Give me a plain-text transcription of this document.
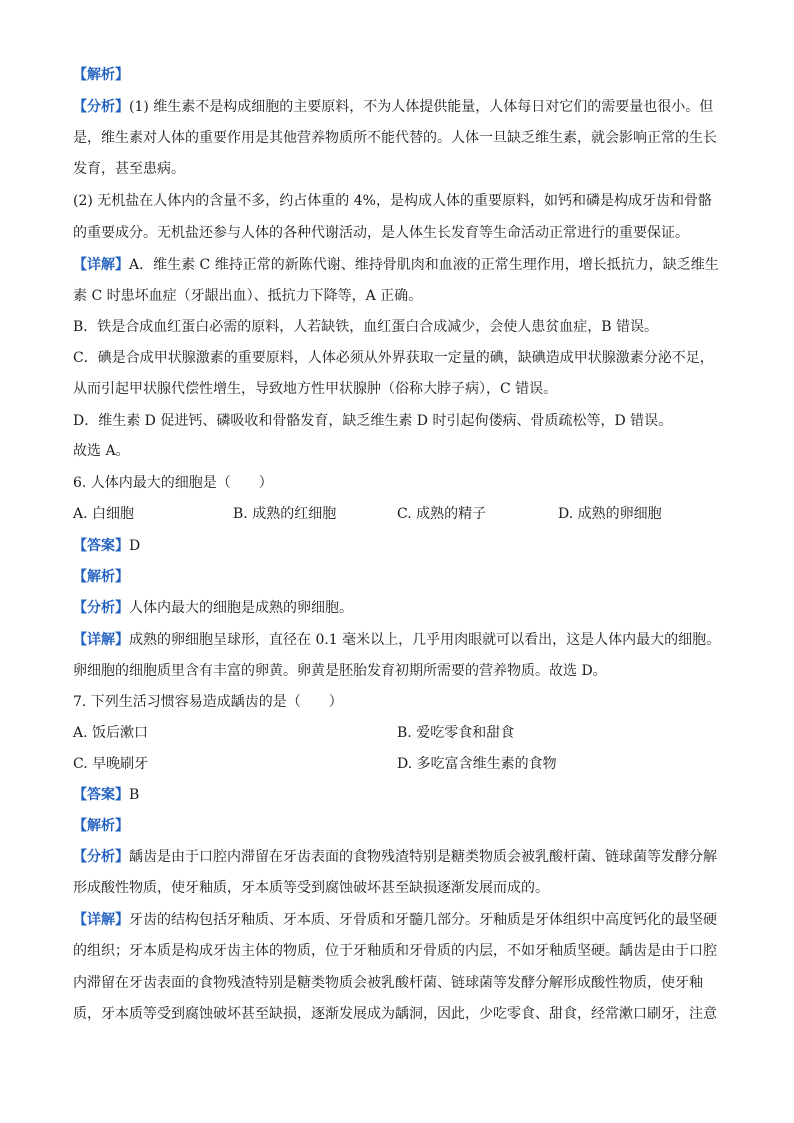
【解析】
【分析】(1) 维生素不是构成细胞的主要原料，不为人体提供能量，人体每日对它们的需要量也很小。但
是，维生素对人体的重要作用是其他营养物质所不能代替的。人体一旦缺乏维生素，就会影响正常的生长
发育，甚至患病。
(2) 无机盐在人体内的含量不多，约占体重的 4%，是构成人体的重要原料，如钙和磷是构成牙齿和骨骼
的重要成分。无机盐还参与人体的各种代谢活动，是人体生长发育等生命活动正常进行的重要保证。
【详解】A．维生素 C 维持正常的新陈代谢、维持骨肌肉和血液的正常生理作用，增长抵抗力，缺乏维生
素 C 时患坏血症（牙龈出血）、抵抗力下降等，A 正确。
B．铁是合成血红蛋白必需的原料，人若缺铁，血红蛋白合成减少，会使人患贫血症，B 错误。
C．碘是合成甲状腺激素的重要原料，人体必须从外界获取一定量的碘，缺碘造成甲状腺激素分泌不足，
从而引起甲状腺代偿性增生，导致地方性甲状腺肿（俗称大脖子病），C 错误。
D．维生素 D 促进钙、磷吸收和骨骼发育，缺乏维生素 D 时引起佝偻病、骨质疏松等，D 错误。
故选 A。
6. 人体内最大的细胞是（　　）
A. 白细胞	B. 成熟的红细胞	C. 成熟的精子	D. 成熟的卵细胞
【答案】D
【解析】
【分析】人体内最大的细胞是成熟的卵细胞。
【详解】成熟的卵细胞呈球形，直径在 0.1 毫米以上，几乎用肉眼就可以看出，这是人体内最大的细胞。
卵细胞的细胞质里含有丰富的卵黄。卵黄是胚胎发育初期所需要的营养物质。故选 D。
7. 下列生活习惯容易造成龋齿的是（　　）
A. 饭后漱口	B. 爱吃零食和甜食
C. 早晚刷牙	D. 多吃富含维生素的食物
【答案】B
【解析】
【分析】龋齿是由于口腔内滞留在牙齿表面的食物残渣特别是糖类物质会被乳酸杆菌、链球菌等发酵分解
形成酸性物质，使牙釉质，牙本质等受到腐蚀破坏甚至缺损逐渐发展而成的。
【详解】牙齿的结构包括牙釉质、牙本质、牙骨质和牙髓几部分。牙釉质是牙体组织中高度钙化的最坚硬
的组织；牙本质是构成牙齿主体的物质，位于牙釉质和牙骨质的内层，不如牙釉质坚硬。龋齿是由于口腔
内滞留在牙齿表面的食物残渣特别是糖类物质会被乳酸杆菌、链球菌等发酵分解形成酸性物质，使牙釉
质，牙本质等受到腐蚀破坏甚至缺损，逐渐发展成为龋洞，因此，少吃零食、甜食，经常漱口刷牙，注意
